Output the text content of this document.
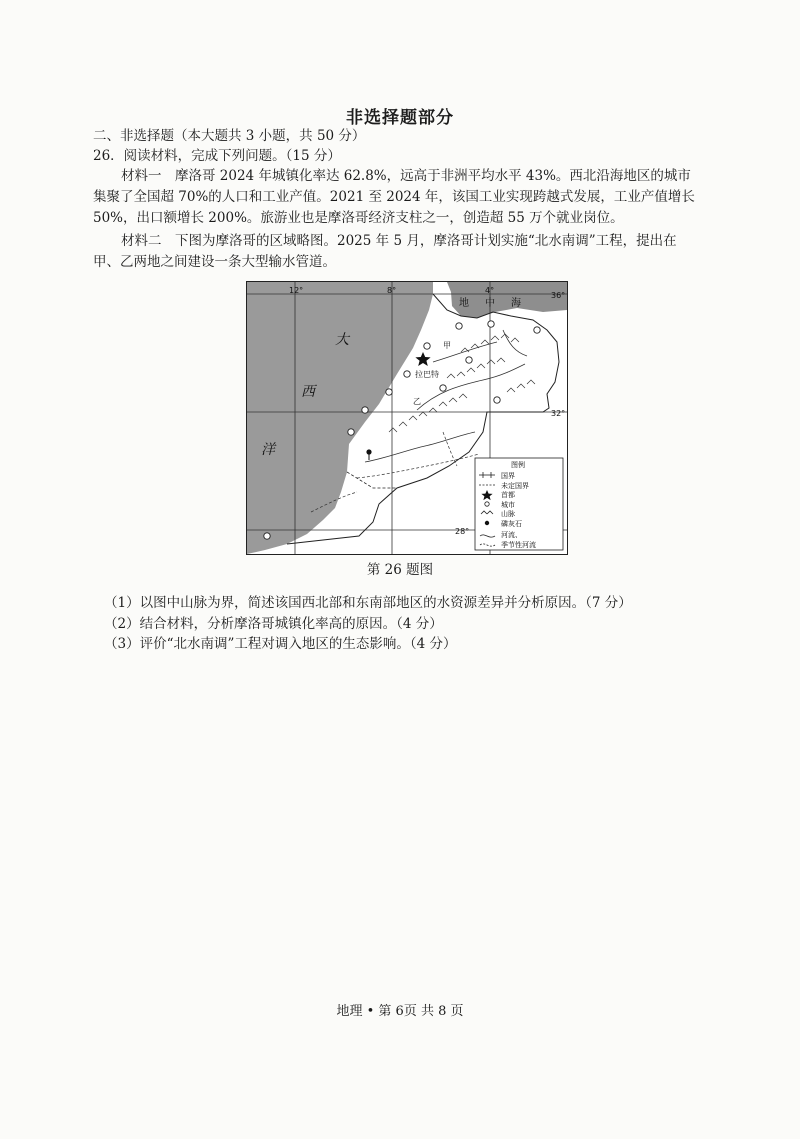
非选择题部分
二、非选择题（本大题共 3 小题，共 50 分）
26．阅读材料，完成下列问题。（15 分）
材料一　摩洛哥 2024 年城镇化率达 62.8%，远高于非洲平均水平 43%。西北沿海地区的城市
集聚了全国超 70%的人口和工业产值。2021 至 2024 年，该国工业实现跨越式发展，工业产值增长
50%，出口额增长 200%。旅游业也是摩洛哥经济支柱之一，创造超 55 万个就业岗位。
材料二　下图为摩洛哥的区域略图。2025 年 5 月，摩洛哥计划实施“北水南调”工程，提出在
甲、乙两地之间建设一条大型输水管道。
12°	8°	4°
36°
32°
28°
地 中 海
大
西
洋
拉巴特
甲
乙
图例
国界
未定国界
首都
城市
山脉
磷灰石
河流、
季节性河流
第 26 题图
（1）以图中山脉为界，简述该国西北部和东南部地区的水资源差异并分析原因。（7 分）
（2）结合材料，分析摩洛哥城镇化率高的原因。（4 分）
（3）评价“北水南调”工程对调入地区的生态影响。（4 分）
地理 • 第 6页 共 8 页
